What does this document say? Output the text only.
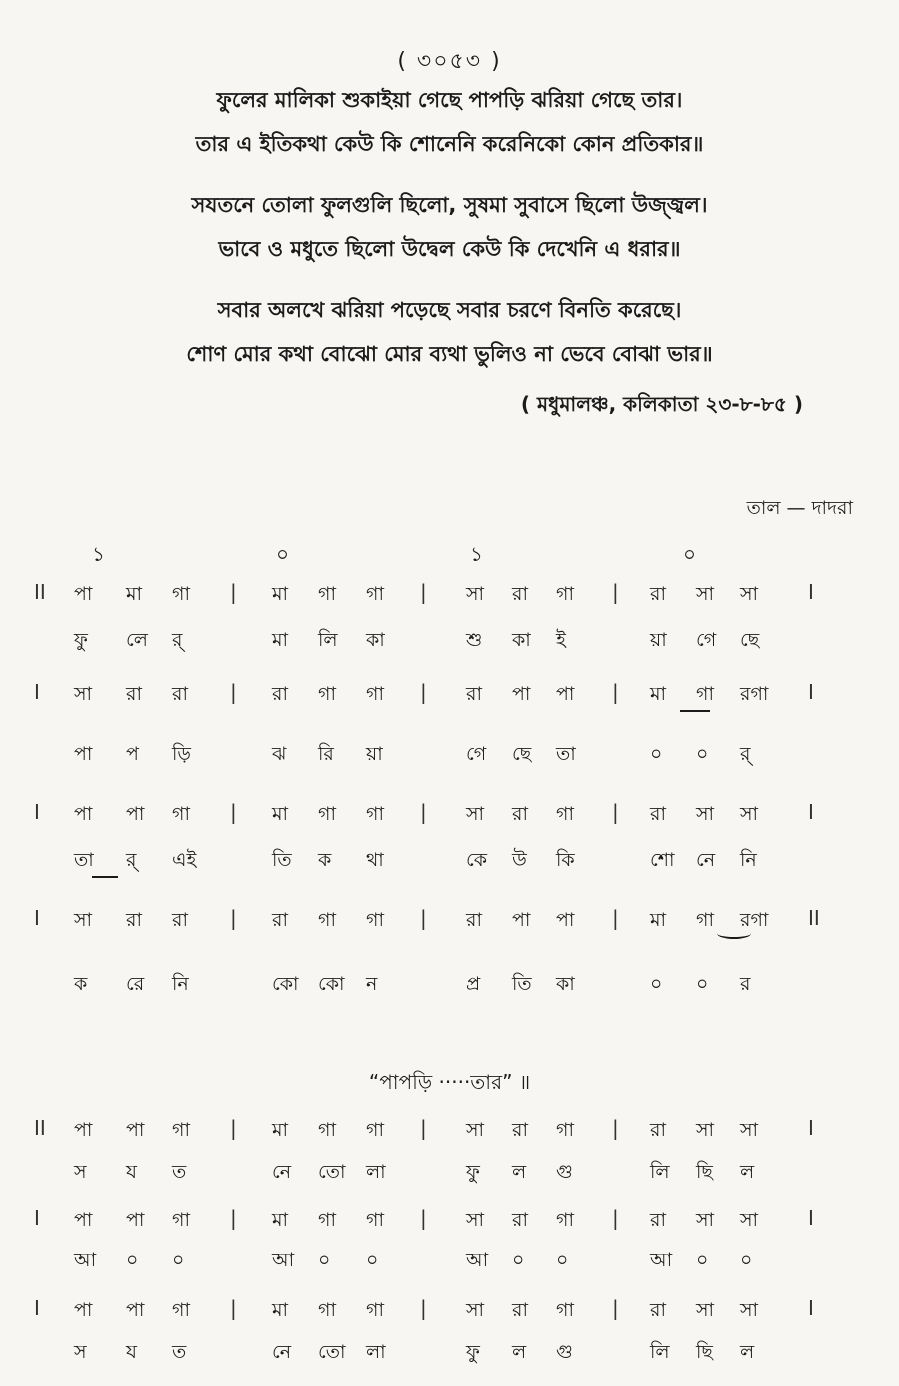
( ৩০৫৩ )
ফুলের মালিকা শুকাইয়া গেছে পাপড়ি ঝরিয়া গেছে তার।
তার এ ইতিকথা কেউ কি শোনেনি করেনিকো কোন প্রতিকার॥
সযতনে তোলা ফুলগুলি ছিলো, সুষমা সুবাসে ছিলো উজ্জ্বল।
ভাবে ও মধুতে ছিলো উদ্বেল কেউ কি দেখেনি এ ধরার॥
সবার অলখে ঝরিয়া পড়েছে সবার চরণে বিনতি করেছে।
শোণ মোর কথা বোঝো মোর ব্যথা ভুলিও না ভেবে বোঝা ভার॥
( মধুমালঞ্চ, কলিকাতা ২৩-৮-৮৫ )
তাল — দাদরা
১	০	১	০
II পা মা গা	মা গা গা	সা রা গা	রা সা সা
|	|	|	I
ফু লে র্	মা লি কা	শু কা ই	য়া গে ছে
I সা রা রা	রা গা গা	রা পা পা	মা গা রগা
|	|	|	I
পা প ড়ি	ঝ রি য়া	গে ছে তা	০ ০ র্
I পা পা গা	মা গা গা	সা রা গা	রা সা সা
|	|	|	I
তা র্ এই	তি ক থা	কে উ কি	শো নে নি
I সা রা রা	রা গা গা	রা পা পা	মা গা রগা
|	|	|	II
ক রে নি	কো কো ন	প্র তি কা	০ ০ র
II পা পা গা	মা গা গা	সা রা গা	রা সা সা
|	|	|	I
স য ত	নে তো লা	ফু ল গু	লি ছি ল
I পা পা গা	মা গা গা	সা রা গা	রা সা সা
|	|	|	I
আ ০ ০	আ ০ ০	আ ০ ০	আ ০ ০
I পা পা গা	মা গা গা	সা রা গা	রা সা সা
|	|	|	I
স য ত	নে তো লা	ফু ল গু	লি ছি ল
“পাপড়ি ·····তার” ॥
